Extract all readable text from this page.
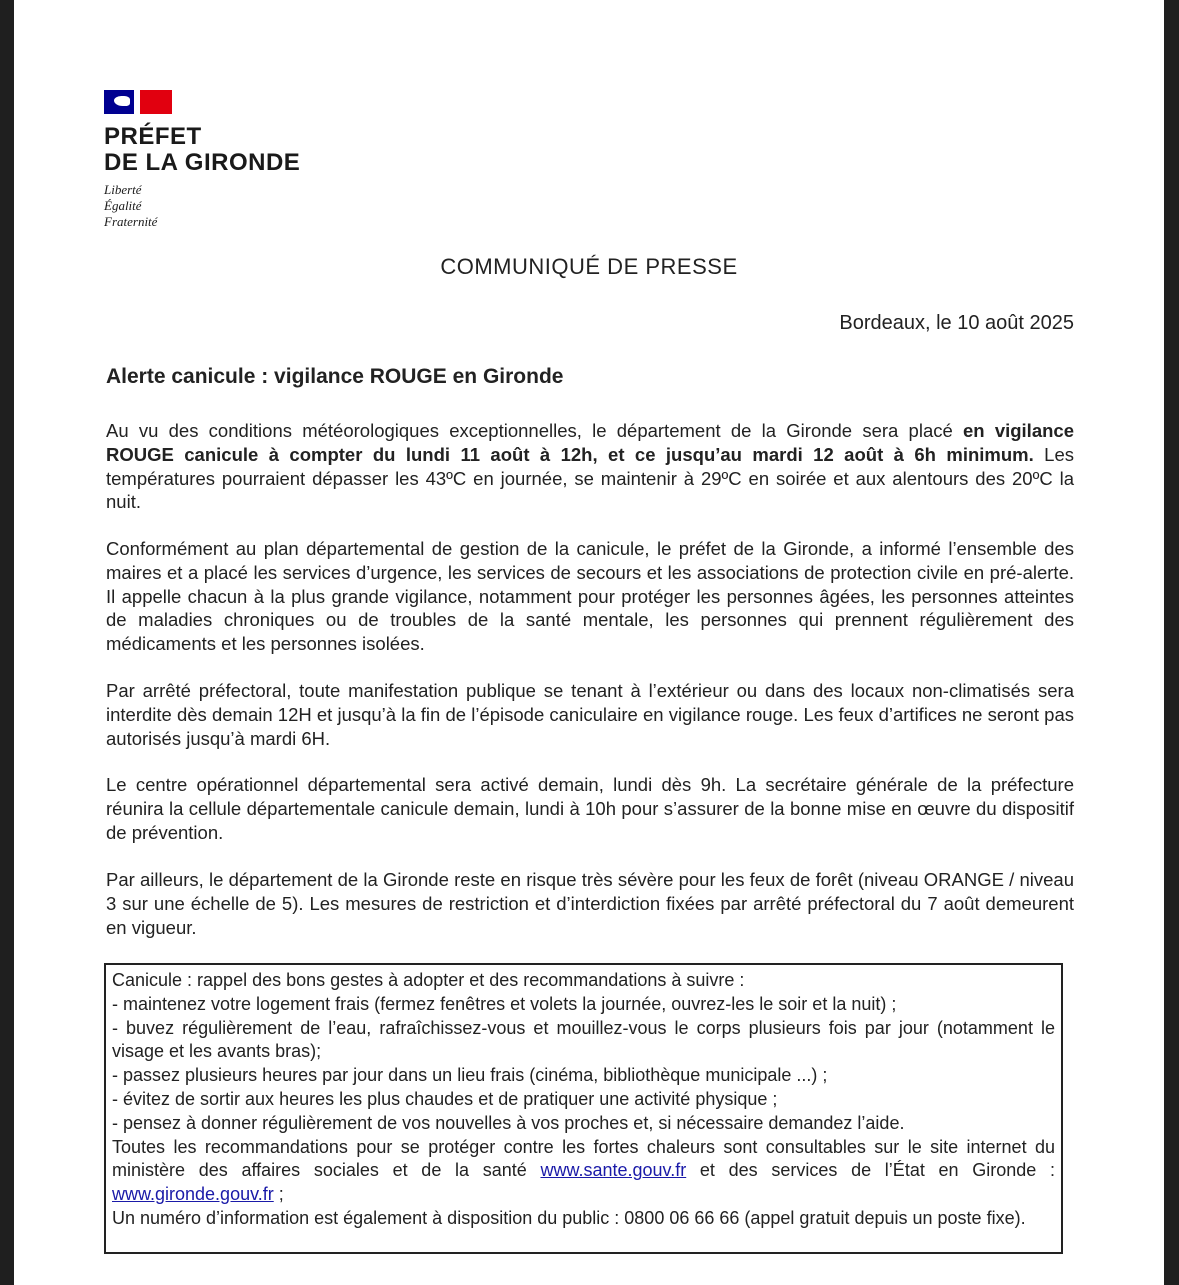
PRÉFET
DE LA GIRONDE
Liberté
Égalité
Fraternité
COMMUNIQUÉ DE PRESSE
Bordeaux, le 10 août 2025
Alerte canicule : vigilance ROUGE en Gironde

Au vu des conditions météorologiques exceptionnelles, le département de la Gironde sera placé en vigilance ROUGE canicule à compter du lundi 11 août à 12h, et ce jusqu’au mardi 12 août à 6h minimum. Les températures pourraient dépasser les 43ºC en journée, se maintenir à 29ºC en soirée et aux alentours des 20ºC la nuit.

Conformément au plan départemental de gestion de la canicule, le préfet de la Gironde, a informé l’ensemble des maires et a placé les services d’urgence, les services de secours et les associations de protection civile en pré-alerte. Il appelle chacun à la plus grande vigilance, notamment pour protéger les personnes âgées, les personnes atteintes de maladies chroniques ou de troubles de la santé mentale, les personnes qui prennent régulièrement des médicaments et les personnes isolées.

Par arrêté préfectoral, toute manifestation publique se tenant à l’extérieur ou dans des locaux non-climatisés sera interdite dès demain 12H et jusqu’à la fin de l’épisode caniculaire en vigilance rouge. Les feux d’artifices ne seront pas autorisés jusqu’à mardi 6H.

Le centre opérationnel départemental sera activé demain, lundi dès 9h. La secrétaire générale de la préfecture réunira la cellule départementale canicule demain, lundi à 10h pour s’assurer de la bonne mise en œuvre du dispositif de prévention.

Par ailleurs, le département de la Gironde reste en risque très sévère pour les feux de forêt (niveau ORANGE / niveau 3 sur une échelle de 5). Les mesures de restriction et d’interdiction fixées par arrêté préfectoral du 7 août demeurent en vigueur.

Canicule : rappel des bons gestes à adopter et des recommandations à suivre :
- maintenez votre logement frais (fermez fenêtres et volets la journée, ouvrez-les le soir et la nuit) ;
- buvez régulièrement de l’eau, rafraîchissez-vous et mouillez-vous le corps plusieurs fois par jour (notamment le visage et les avants bras);
- passez plusieurs heures par jour dans un lieu frais (cinéma, bibliothèque municipale ...) ;
- évitez de sortir aux heures les plus chaudes et de pratiquer une activité physique ;
- pensez à donner régulièrement de vos nouvelles à vos proches et, si nécessaire demandez l’aide.
Toutes les recommandations pour se protéger contre les fortes chaleurs sont consultables sur le site internet du ministère des affaires sociales et de la santé www.sante.gouv.fr et des services de l’État en Gironde : www.gironde.gouv.fr ;
Un numéro d’information est également à disposition du public : 0800 06 66 66 (appel gratuit depuis un poste fixe).
